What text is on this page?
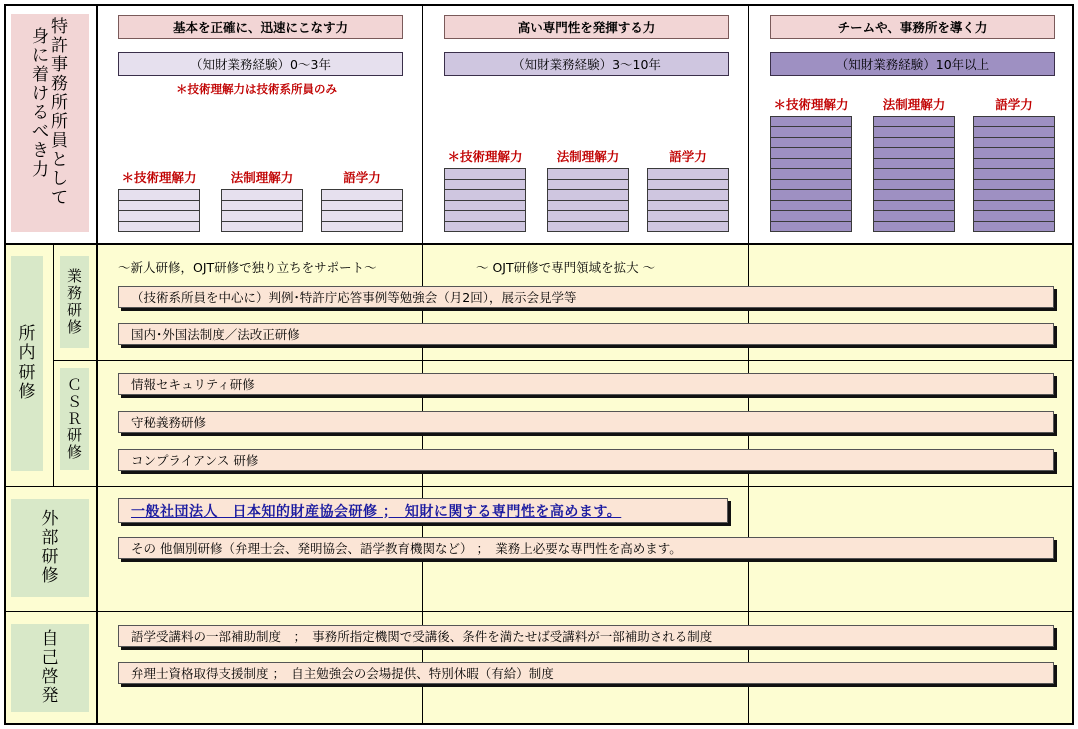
特
許
事
務
所
所
員
と
し
て
身
に
着
け
る
べ
き
力
基本を正確に、迅速にこなす力	高い専門性を発揮する力	チームや、事務所を導く力
（知財業務経験）0～3年	（知財業務経験）3～10年	（知財業務経験）10年以上
＊技術理解力は技術系所員のみ
＊技術理解力	法制理解力	語学力
＊技術理解力	法制理解力	語学力
＊技術理解力	法制理解力	語学力
所
内
研
修
業
務
研
修
Ｃ
Ｓ
Ｒ
研
修
～新人研修，OJT研修で独り立ちをサポート～	～ OJT研修で専門領域を拡大 ～
（技術系所員を中心に）判例･特許庁応答事例等勉強会（月2回），展示会見学等
国内･外国法制度／法改正研修
情報セキュリティ研修
守秘義務研修
コンプライアンス 研修
外
部
研
修
一般社団法人　日本知的財産協会研修 ；　知財に関する専門性を高めます。
その 他個別研修（弁理士会、発明協会、語学教育機関など） ；　業務上必要な専門性を高めます。
自
己
啓
発
語学受講料の一部補助制度　；　事務所指定機関で受講後、条件を満たせば受講料が一部補助される制度
弁理士資格取得支援制度 ；　自主勉強会の会場提供、特別休暇（有給）制度
